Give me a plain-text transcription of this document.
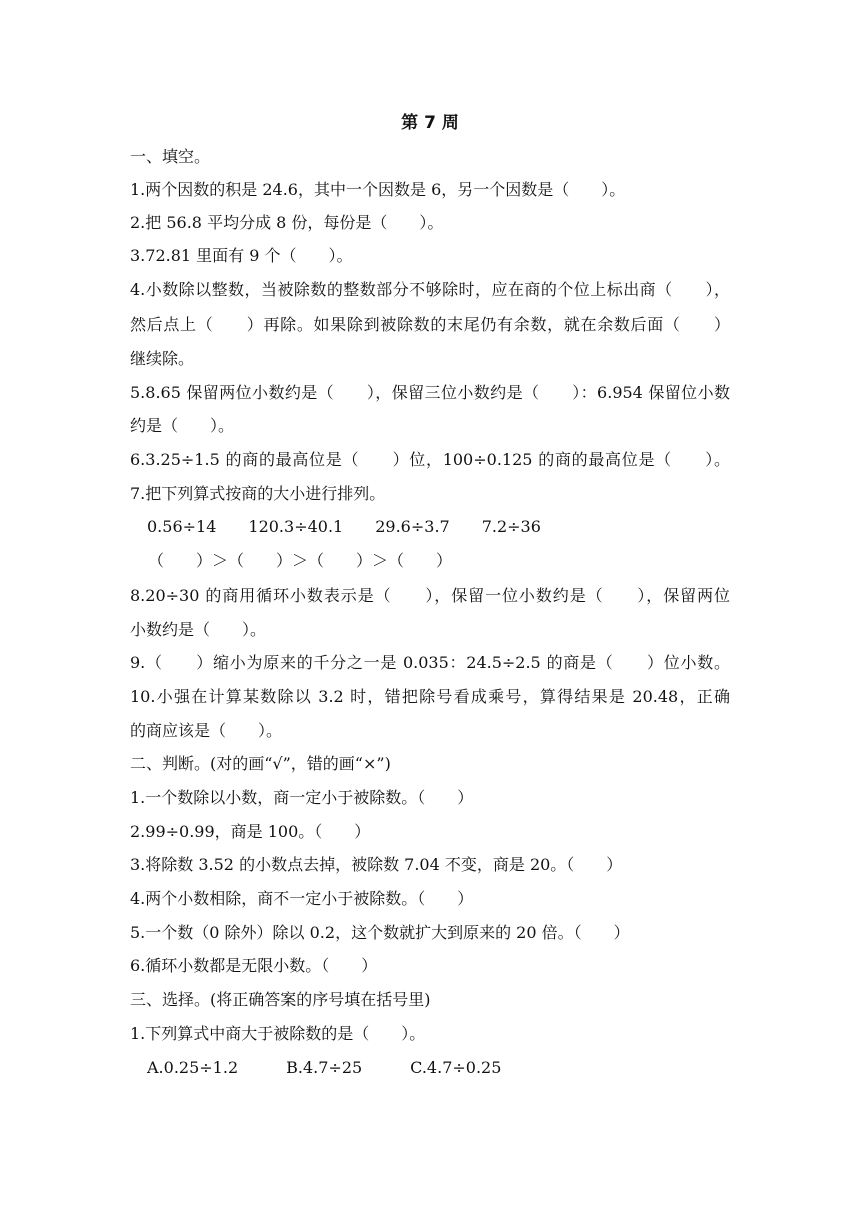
第 7 周
一、填空。
1.两个因数的积是 24.6，其中一个因数是 6，另一个因数是（　　）。
2.把 56.8 平均分成 8 份，每份是（　　）。
3.72.81 里面有 9 个（　　）。
4.小数除以整数，当被除数的整数部分不够除时，应在商的个位上标出商（　　），
然后点上（　　）再除。如果除到被除数的末尾仍有余数，就在余数后面（　　）
继续除。
5.8.65 保留两位小数约是（　　），保留三位小数约是（　　）：6.954 保留位小数
约是（　　）。
6.3.25÷1.5 的商的最高位是（　　）位，100÷0.125 的商的最高位是（　　）。
7.把下列算式按商的大小进行排列。
0.56÷14　　120.3÷40.1　　29.6÷3.7　　7.2÷36
（　　）＞（　　）＞（　　）＞（　　）
8.20÷30 的商用循环小数表示是（　　），保留一位小数约是（　　），保留两位
小数约是（　　）。
9.（　　）缩小为原来的千分之一是 0.035：24.5÷2.5 的商是（　　）位小数。
10.小强在计算某数除以 3.2 时，错把除号看成乘号，算得结果是 20.48，正确
的商应该是（　　）。
二、判断。(对的画“√”，错的画“×”)
1.一个数除以小数，商一定小于被除数。（　　）
2.99÷0.99，商是 100。（　　）
3.将除数 3.52 的小数点去掉，被除数 7.04 不变，商是 20。（　　）
4.两个小数相除，商不一定小于被除数。（　　）
5.一个数（0 除外）除以 0.2，这个数就扩大到原来的 20 倍。（　　）
6.循环小数都是无限小数。（　　）
三、选择。(将正确答案的序号填在括号里)
1.下列算式中商大于被除数的是（　　）。
A.0.25÷1.2　　　B.4.7÷25　　　C.4.7÷0.25
